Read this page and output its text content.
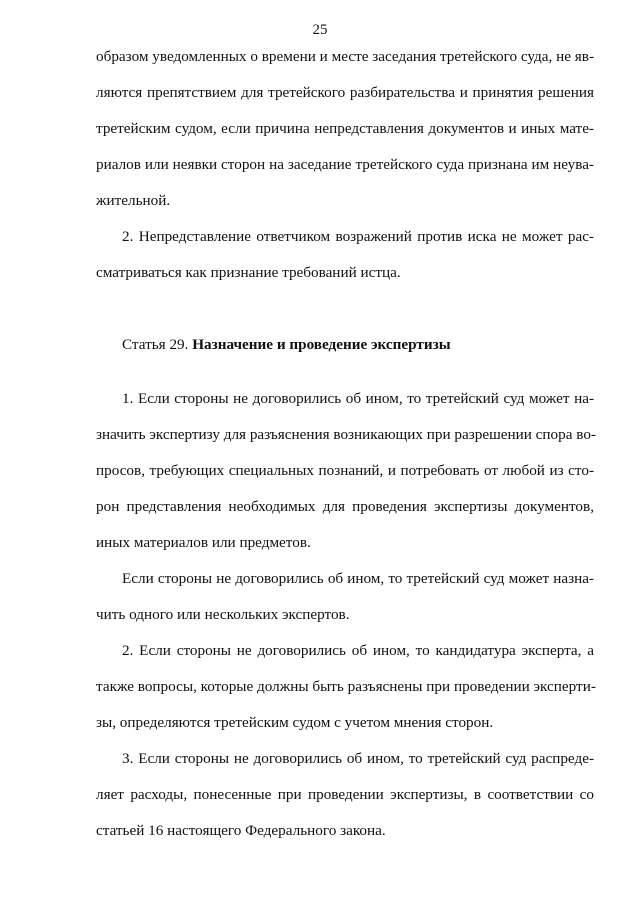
25
образом уведомленных о времени и месте заседания третейского суда, не яв-
ляются препятствием для третейского разбирательства и принятия решения
третейским судом, если причина непредставления документов и иных мате-
риалов или неявки сторон на заседание третейского суда признана им неува-
жительной.
2. Непредставление ответчиком возражений против иска не может рас-
сматриваться как признание требований истца.
Статья 29. Назначение и проведение экспертизы
1. Если стороны не договорились об ином, то третейский суд может на-
значить экспертизу для разъяснения возникающих при разрешении спора во-
просов, требующих специальных познаний, и потребовать от любой из сто-
рон представления необходимых для проведения экспертизы документов,
иных материалов или предметов.
Если стороны не договорились об ином, то третейский суд может назна-
чить одного или нескольких экспертов.
2. Если стороны не договорились об ином, то кандидатура эксперта, а
также вопросы, которые должны быть разъяснены при проведении эксперти-
зы, определяются третейским судом с учетом мнения сторон.
3. Если стороны не договорились об ином, то третейский суд распреде-
ляет расходы, понесенные при проведении экспертизы, в соответствии со
статьей 16 настоящего Федерального закона.
